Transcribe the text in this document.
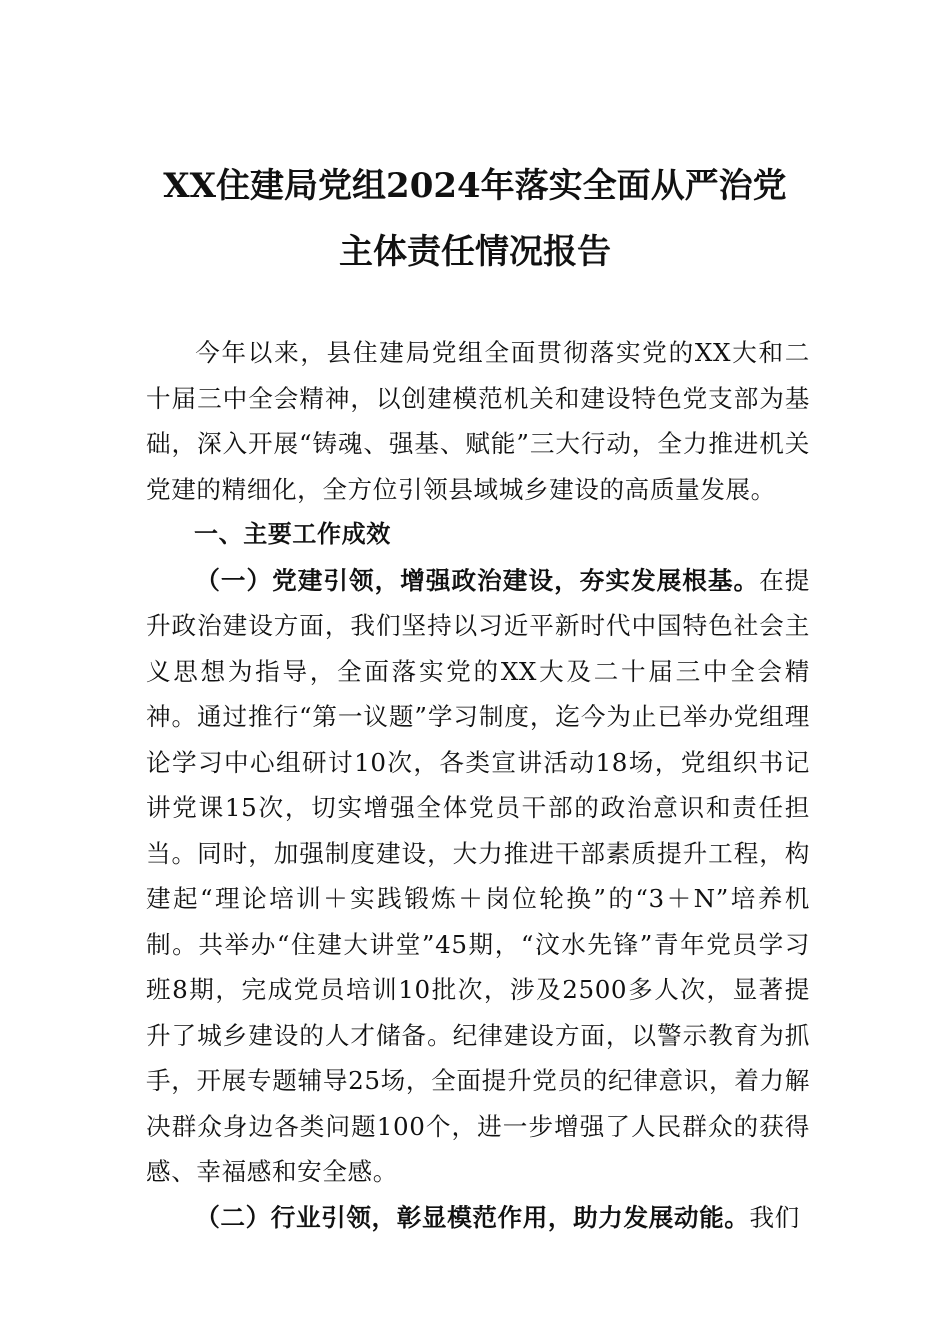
XX住建局党组2024年落实全面从严治党
主体责任情况报告

今年以来，县住建局党组全面贯彻落实党的XX大和二十届三中全会精神，以创建模范机关和建设特色党支部为基础，深入开展“铸魂、强基、赋能”三大行动，全力推进机关党建的精细化，全方位引领县域城乡建设的高质量发展。

一、主要工作成效

（一）党建引领，增强政治建设，夯实发展根基。在提升政治建设方面，我们坚持以习近平新时代中国特色社会主义思想为指导，全面落实党的XX大及二十届三中全会精神。通过推行“第一议题”学习制度，迄今为止已举办党组理论学习中心组研讨10次，各类宣讲活动18场，党组织书记讲党课15次，切实增强全体党员干部的政治意识和责任担当。同时，加强制度建设，大力推进干部素质提升工程，构建起“理论培训＋实践锻炼＋岗位轮换”的“3＋N”培养机制。共举办“住建大讲堂”45期，“汶水先锋”青年党员学习班8期，完成党员培训10批次，涉及2500多人次，显著提升了城乡建设的人才储备。纪律建设方面，以警示教育为抓手，开展专题辅导25场，全面提升党员的纪律意识，着力解决群众身边各类问题100个，进一步增强了人民群众的获得感、幸福感和安全感。

（二）行业引领，彰显模范作用，助力发展动能。我们
